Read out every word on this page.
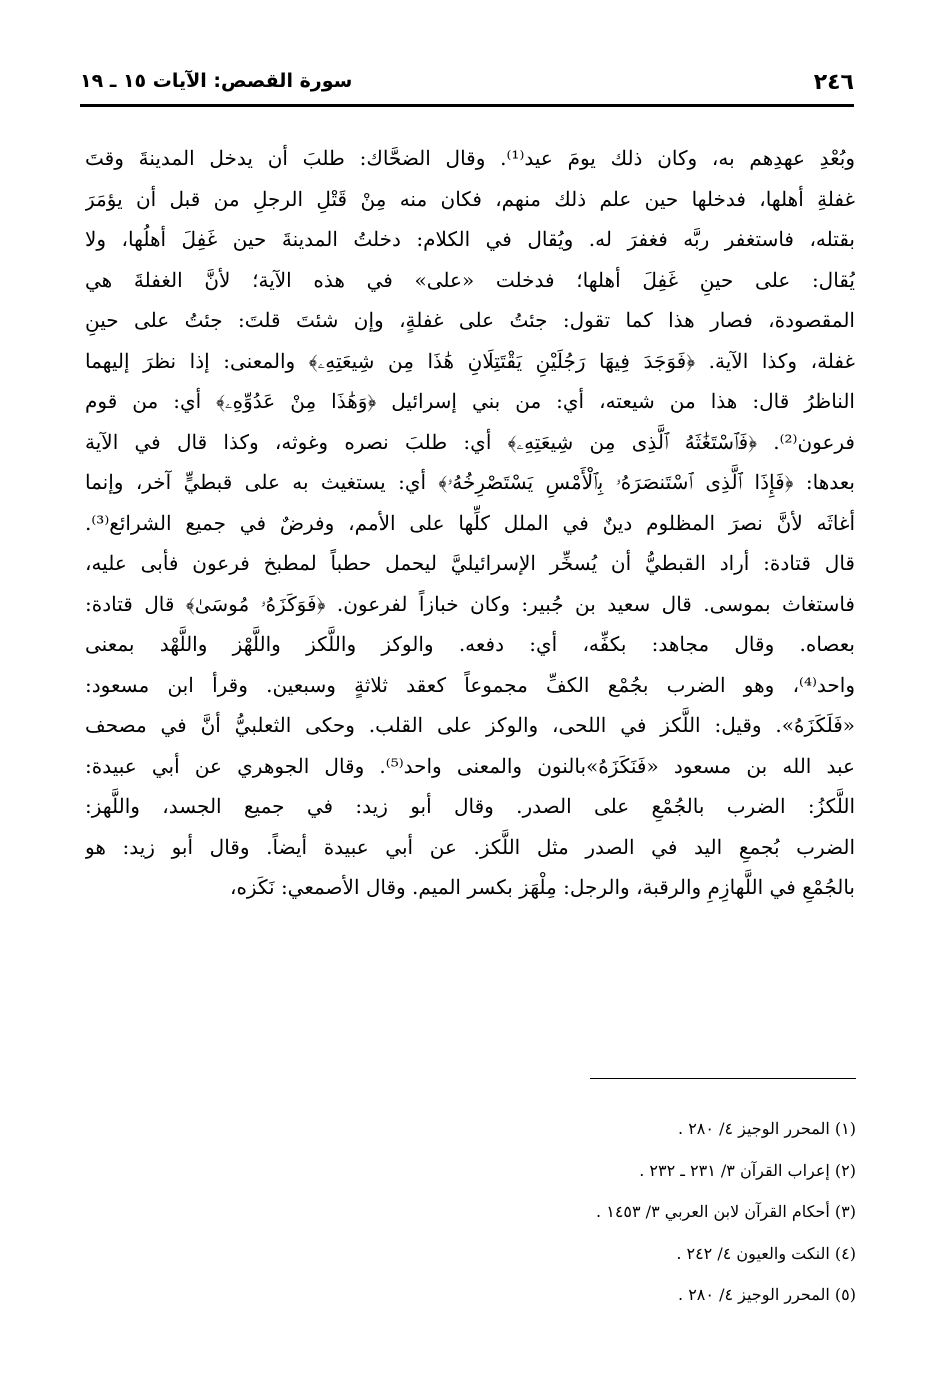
٢٤٦
سورة القصص: الآيات ١٥ ـ ١٩
وبُعْدِ عهدِهم به، وكان ذلك يومَ عيد⁽¹⁾. وقال الضحَّاك: طلبَ أن يدخل المدينةَ وقتَ
غفلةِ أهلها، فدخلها حين علم ذلك منهم، فكان منه مِنْ قَتْلِ الرجلِ من قبل أن يؤمَرَ
بقتله، فاستغفر ربَّه فغفرَ له. ويُقال في الكلام: دخلتُ المدينةَ حين غَفِلَ أهلُها، ولا
يُقال: على حينِ غَفِلَ أهلها؛ فدخلت «على» في هذه الآية؛ لأنَّ الغفلةَ هي
المقصودة، فصار هذا كما تقول: جئتُ على غفلةٍ، وإن شئتَ قلتَ: جئتُ على حينِ
غفلة، وكذا الآية. ﴿فَوَجَدَ فِيهَا رَجُلَيْنِ يَقْتَتِلَانِ هَٰذَا مِن شِيعَتِهِۦ﴾ والمعنى: إذا نظرَ إليهما
الناظرُ قال: هذا من شيعته، أي: من بني إسرائيل ﴿وَهَٰذَا مِنْ عَدُوِّهِۦ﴾ أي: من قوم
فرعون⁽²⁾. ﴿فَٱسْتَغَٰثَهُ ٱلَّذِى مِن شِيعَتِهِۦ﴾ أي: طلبَ نصره وغوثه، وكذا قال في الآية
بعدها: ﴿فَإِذَا ٱلَّذِى ٱسْتَنصَرَهُۥ بِٱلْأَمْسِ يَسْتَصْرِخُهُۥ﴾ أي: يستغيث به على قبطيٍّ آخر، وإنما
أغاثَه لأنَّ نصرَ المظلوم دينٌ في الملل كلِّها على الأمم، وفرضٌ في جميع الشرائع⁽³⁾.
قال قتادة: أراد القبطيُّ أن يُسخِّر الإسرائيليَّ ليحمل حطباً لمطبخ فرعون فأبى عليه،
فاستغاث بموسى. قال سعيد بن جُبير: وكان خبازاً لفرعون. ﴿فَوَكَزَهُۥ مُوسَىٰ﴾ قال قتادة:
بعصاه. وقال مجاهد: بكفِّه، أي: دفعه. والوكز واللَّكز واللَّهْز واللَّهْد بمعنى
واحد⁽⁴⁾، وهو الضرب بجُمْع الكفِّ مجموعاً كعقد ثلاثةٍ وسبعين. وقرأ ابن مسعود:
«فَلَكَزَهُ». وقيل: اللَّكز في اللحى، والوكز على القلب. وحكى الثعلبيُّ أنَّ في مصحف
عبد الله بن مسعود «فَنَكَزَهُ»بالنون والمعنى واحد⁽⁵⁾. وقال الجوهري عن أبي عبيدة:
اللَّكزُ: الضرب بالجُمْعِ على الصدر. وقال أبو زيد: في جميع الجسد، واللَّهز:
الضرب بُجمعِ اليد في الصدر مثل اللَّكز. عن أبي عبيدة أيضاً. وقال أبو زيد: هو
بالجُمْعِ في اللَّهازِمِ والرقبة، والرجل: مِلْهَز بكسر الميم. وقال الأصمعي: نَكَزه،
(١) المحرر الوجيز ٤/ ٢٨٠ .
(٢) إعراب القرآن ٣/ ٢٣١ ـ ٢٣٢ .
(٣) أحكام القرآن لابن العربي ٣/ ١٤٥٣ .
(٤) النكت والعيون ٤/ ٢٤٢ .
(٥) المحرر الوجيز ٤/ ٢٨٠ .
